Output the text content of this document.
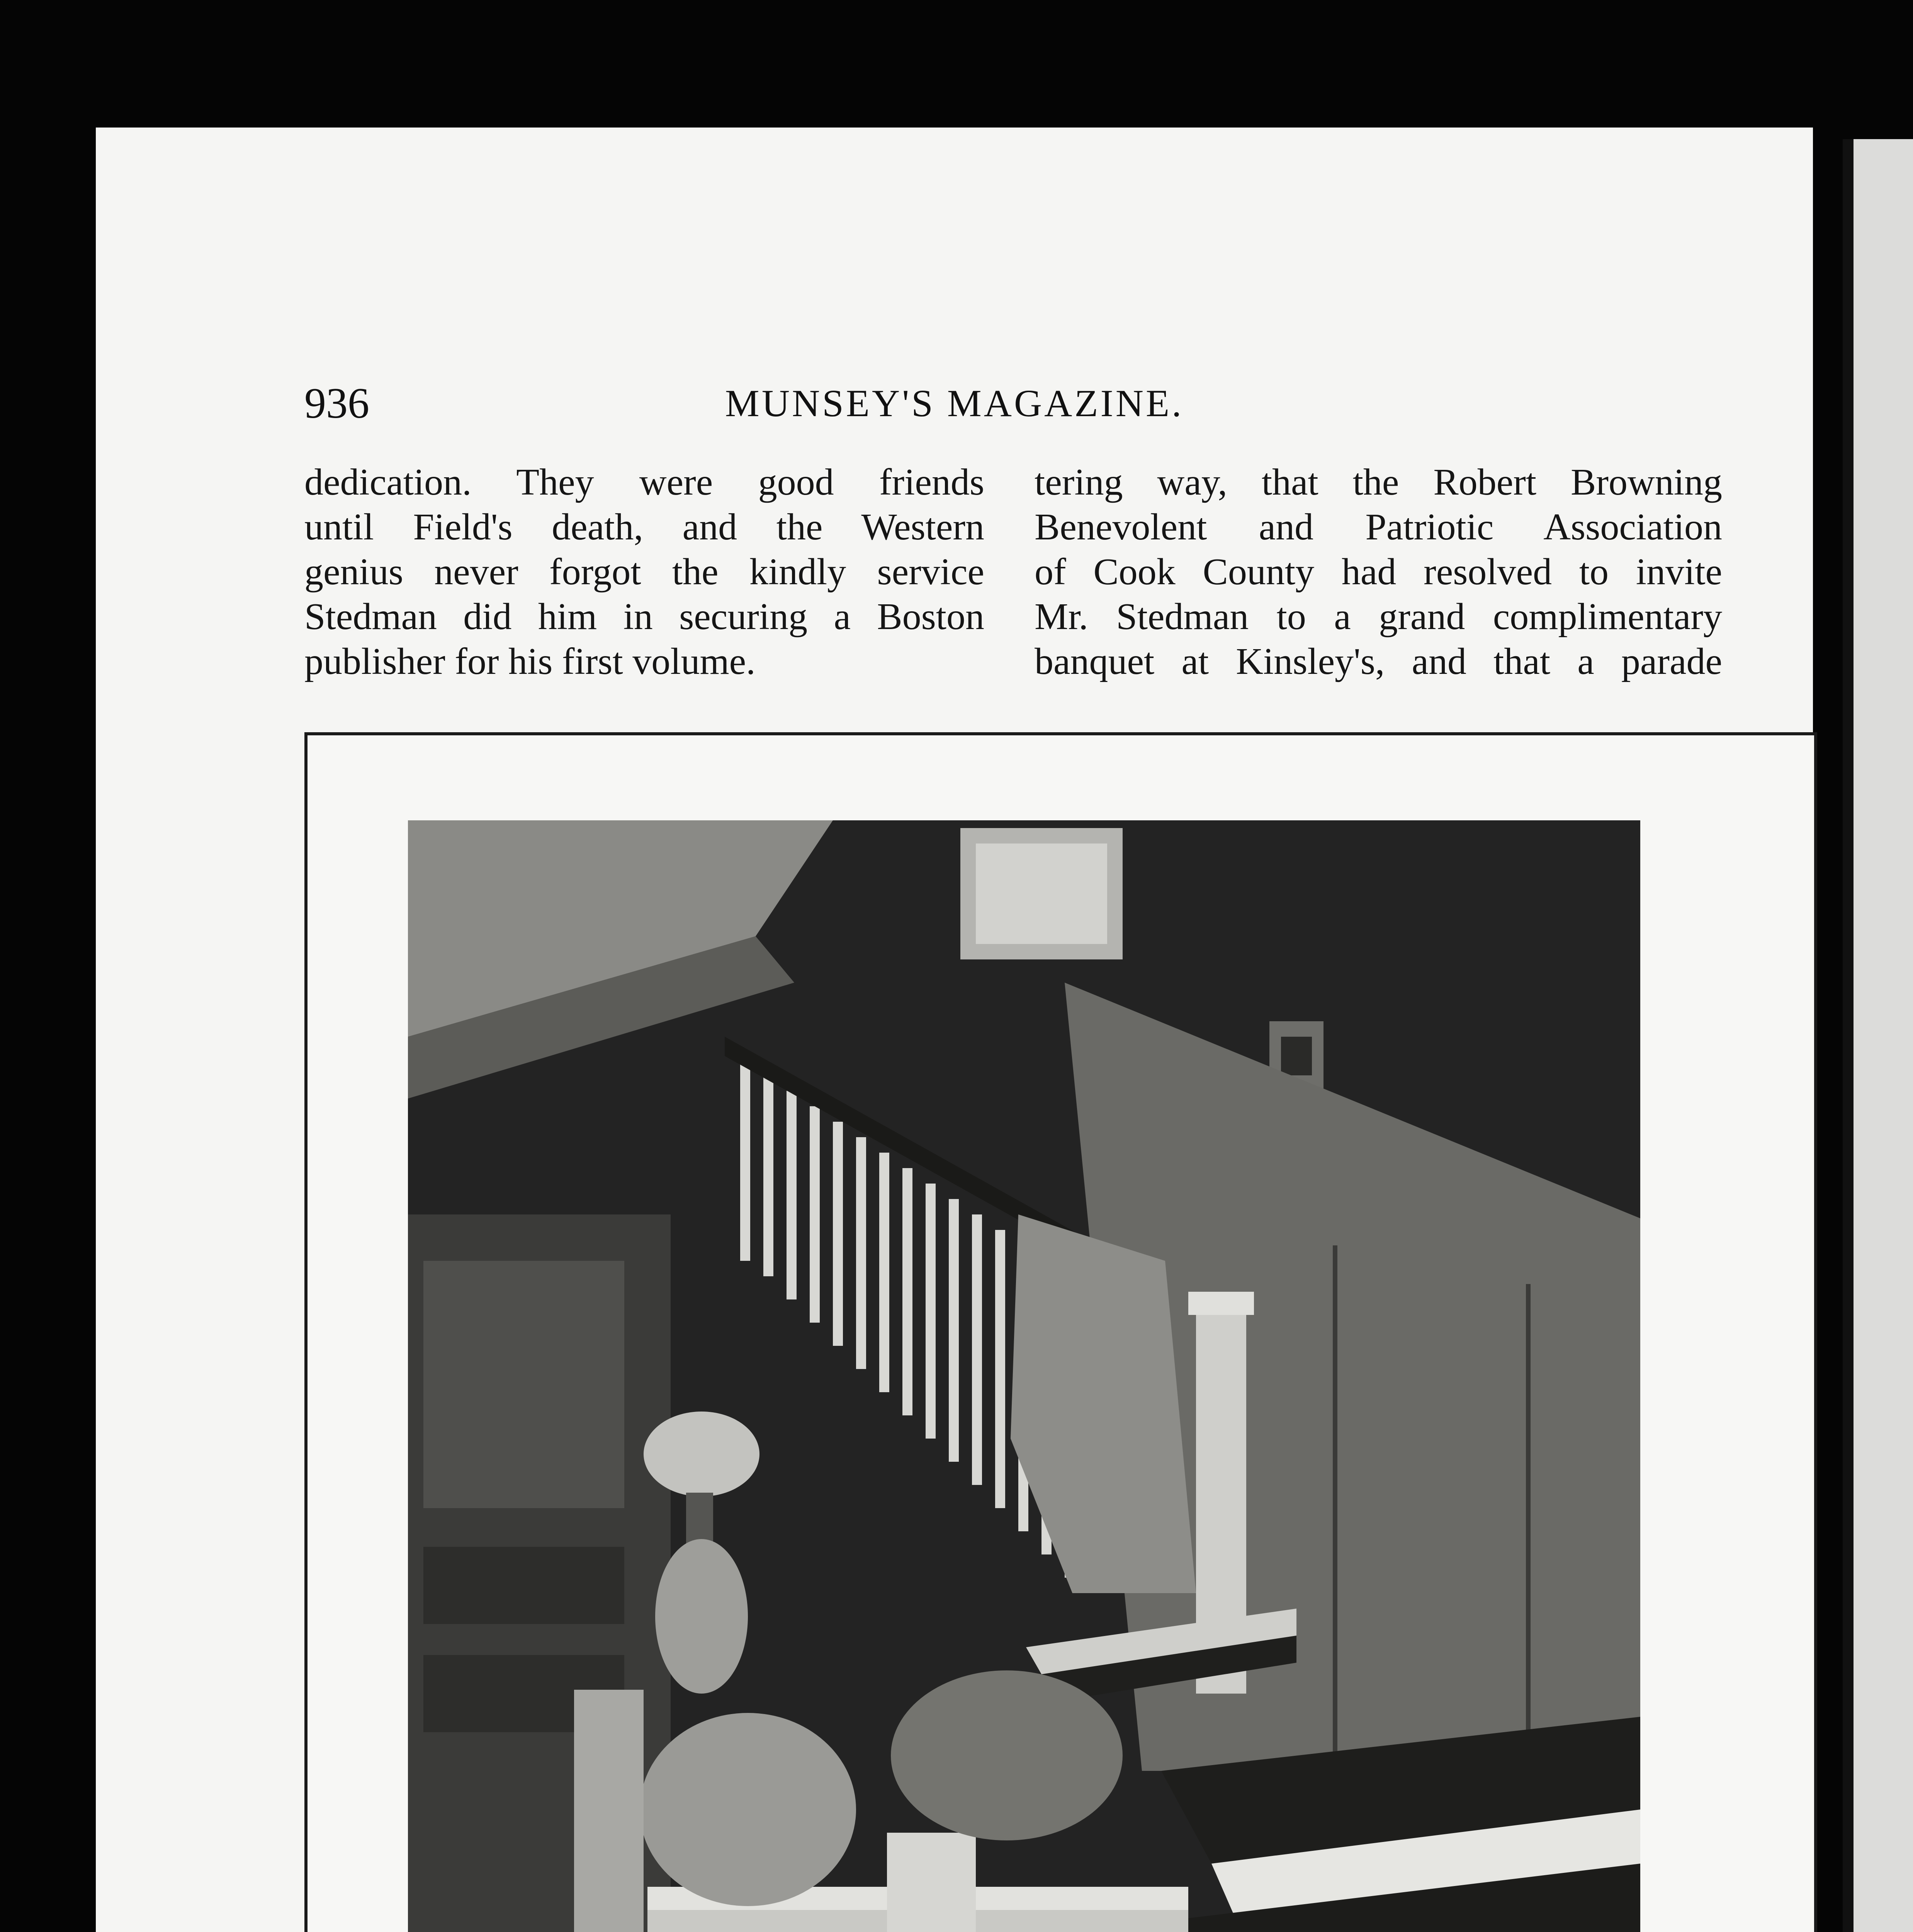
936	MUNSEY'S MAGAZINE.
dedication. They were good friends
until Field's death, and the Western
genius never forgot the kindly service
Stedman did him in securing a Boston
publisher for his first volume.
tering way, that the Robert Browning
Benevolent and Patriotic Association
of Cook County had resolved to invite
Mr. Stedman to a grand complimentary
banquet at Kinsley's, and that a parade
